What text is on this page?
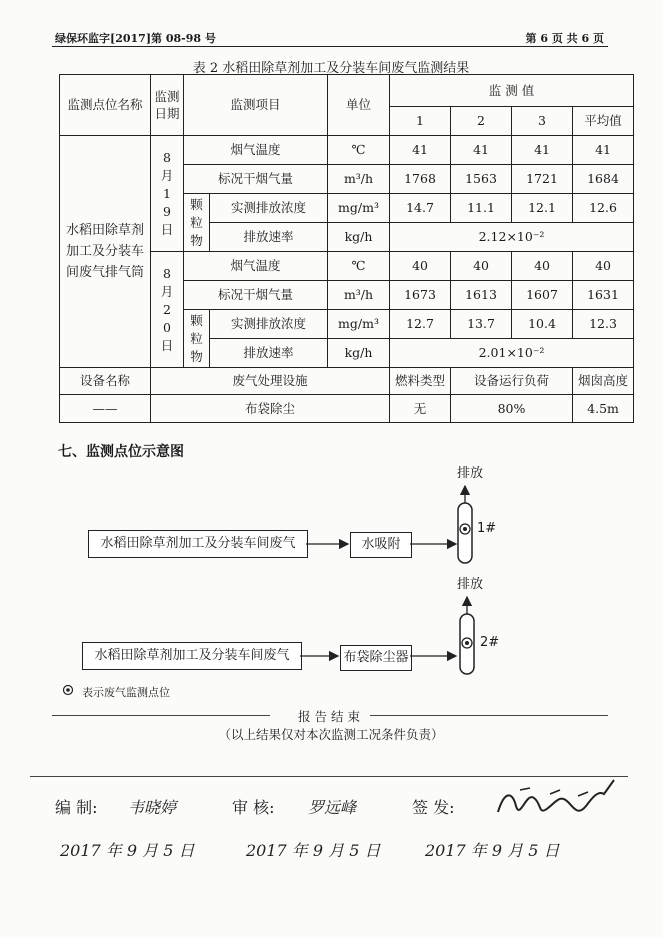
绿保环监字[2017]第 08-98 号	第 6 页 共 6 页
表 2 水稻田除草剂加工及分装车间废气监测结果
监测点位名称	监测日期	监测项目		单位	监 测 值			
					1	2	3	平均值
水稻田除草剂加工及分装车间废气排气筒	8月19日	烟气温度		℃	41	41	41	41
		标况干烟气量		m³/h	1768	1563	1721	1684
		颗粒物	实测排放浓度	mg/m³	14.7	11.1	12.1	12.6
			排放速率	kg/h	2.12×10⁻²			
	8月20日	烟气温度		℃	40	40	40	40
		标况干烟气量		m³/h	1673	1613	1607	1631
		颗粒物	实测排放浓度	mg/m³	12.7	13.7	10.4	12.3
			排放速率	kg/h	2.01×10⁻²			
设备名称	废气处理设施				燃料类型	设备运行负荷		烟囱高度
——	布袋除尘				无	80%		4.5m
七、监测点位示意图
排放
水稻田除草剂加工及分装车间废气	水吸附
1#
排放
水稻田除草剂加工及分装车间废气	布袋除尘器
2#
表示废气监测点位
报告结束
（以上结果仅对本次监测工况条件负责）
编 制: 韦晓婷	审 核: 罗远峰	签 发:
2017 年 9 月 5 日	2017 年 9 月 5 日	2017 年 9 月 5 日
